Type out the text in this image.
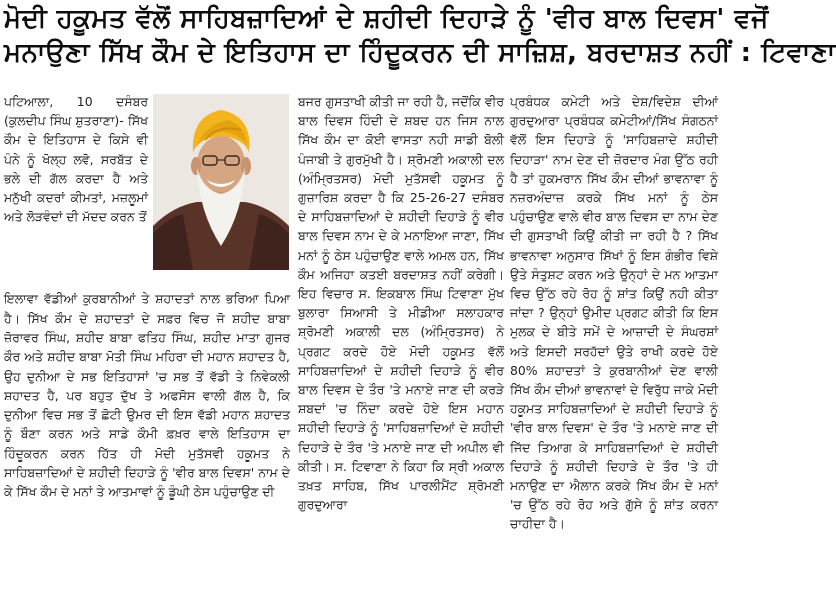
ਮੋਦੀ ਹਕੂਮਤ ਵੱਲੋਂ ਸਾਹਿਬਜ਼ਾਦਿਆਂ ਦੇ ਸ਼ਹੀਦੀ ਦਿਹਾੜੇ ਨੂੰ 'ਵੀਰ ਬਾਲ ਦਿਵਸ' ਵਜੋਂ
ਮਨਾਉਣਾ ਸਿੱਖ ਕੌਮ ਦੇ ਇਤਿਹਾਸ ਦਾ ਹਿੰਦੂਕਰਨ ਦੀ ਸਾਜ਼ਿਸ਼, ਬਰਦਾਸ਼ਤ ਨਹੀਂ : ਟਿਵਾਣਾ

ਪਟਿਆਲਾ, 10 ਦਸੰਬਰ (ਕੁਲਦੀਪ ਸਿੰਘ ਸ਼ੁਤਰਾਣਾ)- ਸਿੱਖ ਕੌਮ ਦੇ ਇਤਿਹਾਸ ਦੇ ਕਿਸੇ ਵੀ ਪੰਨੇ ਨੂੰ ਖੋਲ੍ਹ ਲਵੋ, ਸਰਬੱਤ ਦੇ ਭਲੇ ਦੀ ਗੱਲ ਕਰਦਾ ਹੈ ਅਤੇ ਮਨੁੱਖੀ ਕਦਰਾਂ ਕੀਮਤਾਂ, ਮਜ਼ਲੂਮਾਂ ਅਤੇ ਲੋੜਵੰਦਾਂ ਦੀ ਮੱਦਦ ਕਰਨ ਤੋਂ

ਇਲਾਵਾ ਵੱਡੀਆਂ ਕੁਰਬਾਨੀਆਂ ਤੇ ਸ਼ਹਾਦਤਾਂ ਨਾਲ ਭਰਿਆ ਪਿਆ ਹੈ। ਸਿੱਖ ਕੌਮ ਦੇ ਸ਼ਹਾਦਤਾਂ ਦੇ ਸਫ਼ਰ ਵਿਚ ਜੋ ਸ਼ਹੀਦ ਬਾਬਾ ਜ਼ੋਰਾਵਰ ਸਿੰਘ, ਸ਼ਹੀਦ ਬਾਬਾ ਫਤਿਹ ਸਿੰਘ, ਸ਼ਹੀਦ ਮਾਤਾ ਗੁਜਰ ਕੌਰ ਅਤੇ ਸ਼ਹੀਦ ਬਾਬਾ ਮੋਤੀ ਸਿੰਘ ਮਹਿਰਾ ਦੀ ਮਹਾਨ ਸ਼ਹਾਦਤ ਹੈ, ਉਹ ਦੁਨੀਆ ਦੇ ਸਭ ਇਤਿਹਾਸਾਂ 'ਚ ਸਭ ਤੋਂ ਵੱਡੀ ਤੇ ਨਿਵੇਕਲੀ ਸ਼ਹਾਦਤ ਹੈ, ਪਰ ਬਹੁਤ ਦੁੱਖ ਤੇ ਅਫਸੋਸ ਵਾਲੀ ਗੱਲ ਹੈ, ਕਿ ਦੁਨੀਆ ਵਿਚ ਸਭ ਤੋਂ ਛੋਟੀ ਉਮਰ ਦੀ ਇਸ ਵੱਡੀ ਮਹਾਨ ਸ਼ਹਾਦਤ ਨੂੰ ਬੌਣਾ ਕਰਨ ਅਤੇ ਸਾਡੇ ਕੌਮੀ ਫ਼ਖ਼ਰ ਵਾਲੇ ਇਤਿਹਾਸ ਦਾ ਹਿੰਦੂਕਰਨ ਕਰਨ ਹਿੱਤ ਹੀ ਮੋਦੀ ਮੁਤੱਸਵੀ ਹਕੂਮਤ ਨੇ ਸਾਹਿਬਜ਼ਾਦਿਆਂ ਦੇ ਸ਼ਹੀਦੀ ਦਿਹਾੜੇ ਨੂੰ 'ਵੀਰ ਬਾਲ ਦਿਵਸ' ਨਾਮ ਦੇ ਕੇ ਸਿੱਖ ਕੌਮ ਦੇ ਮਨਾਂ ਤੇ ਆਤਮਾਵਾਂ ਨੂੰ ਡੂੰਘੀ ਠੇਸ ਪਹੁੰਚਾਉਣ ਦੀ

ਬਜਰ ਗੁਸਤਾਖੀ ਕੀਤੀ ਜਾ ਰਹੀ ਹੈ, ਜਦੋਂਕਿ ਵੀਰ ਬਾਲ ਦਿਵਸ ਹਿੰਦੀ ਦੇ ਸ਼ਬਦ ਹਨ ਜਿਸ ਨਾਲ ਸਿੱਖ ਕੌਮ ਦਾ ਕੋਈ ਵਾਸਤਾ ਨਹੀ ਸਾਡੀ ਬੋਲੀ ਪੰਜਾਬੀ ਤੇ ਗੁਰਮੁੱਖੀ ਹੈ। ਸ਼੍ਰੋਮਣੀ ਅਕਾਲੀ ਦਲ (ਅੰਮ੍ਰਿਤਸਰ) ਮੋਦੀ ਮੁਤੱਸਵੀ ਹਕੂਮਤ ਨੂੰ ਗੁਜ਼ਾਰਿਸ਼ ਕਰਦਾ ਹੈ ਕਿ 25-26-27 ਦਸੰਬਰ ਦੇ ਸਾਹਿਬਜ਼ਾਦਿਆਂ ਦੇ ਸ਼ਹੀਦੀ ਦਿਹਾੜੇ ਨੂੰ ਵੀਰ ਬਾਲ ਦਿਵਸ ਨਾਮ ਦੇ ਕੇ ਮਨਾਇਆ ਜਾਣਾ, ਸਿੱਖ ਮਨਾਂ ਨੂੰ ਠੇਸ ਪਹੁੰਚਾਉਣ ਵਾਲੇ ਅਮਲ ਹਨ, ਸਿੱਖ ਕੌਮ ਅਜਿਹਾ ਕਤਈ ਬਰਦਾਸ਼ਤ ਨਹੀਂ ਕਰੇਗੀ। ਇਹ ਵਿਚਾਰ ਸ. ਇਕਬਾਲ ਸਿੰਘ ਟਿਵਾਣਾ ਮੁੱਖ ਬੁਲਾਰਾ ਸਿਆਸੀ ਤੇ ਮੀਡੀਆ ਸਲਾਹਕਾਰ ਸ਼੍ਰੋਮਣੀ ਅਕਾਲੀ ਦਲ (ਅੰਮ੍ਰਿਤਸਰ) ਨੇ ਪ੍ਰਗਟ ਕਰਦੇ ਹੋਏ ਮੋਦੀ ਹਕੂਮਤ ਵੱਲੋਂ ਸਾਹਿਬਜ਼ਾਦਿਆਂ ਦੇ ਸ਼ਹੀਦੀ ਦਿਹਾੜੇ ਨੂੰ ਵੀਰ ਬਾਲ ਦਿਵਸ ਦੇ ਤੌਰ 'ਤੇ ਮਨਾਏ ਜਾਣ ਦੀ ਕਰੜੇ ਸ਼ਬਦਾਂ 'ਚ ਨਿੰਦਾ ਕਰਦੇ ਹੋਏ ਇਸ ਮਹਾਨ ਸ਼ਹੀਦੀ ਦਿਹਾੜੇ ਨੂੰ 'ਸਾਹਿਬਜ਼ਾਦਿਆਂ ਦੇ ਸ਼ਹੀਦੀ ਦਿਹਾੜੇ ਦੇ ਤੌਰ 'ਤੇ ਮਨਾਏ ਜਾਣ ਦੀ ਅਪੀਲ ਵੀ ਕੀਤੀ। ਸ. ਟਿਵਾਣਾ ਨੇ ਕਿਹਾ ਕਿ ਸ੍ਰੀ ਅਕਾਲ ਤਖ਼ਤ ਸਾਹਿਬ, ਸਿੱਖ ਪਾਰਲੀਮੈਂਟ ਸ਼੍ਰੋਮਣੀ ਗੁਰਦੁਆਰਾ

ਪ੍ਰਬੰਧਕ ਕਮੇਟੀ ਅਤੇ ਦੇਸ਼/ਵਿਦੇਸ਼ ਦੀਆਂ ਗੁਰਦੁਆਰਾ ਪ੍ਰਬੰਧਕ ਕਮੇਟੀਆਂ/ਸਿੱਖ ਸੰਗਠਨਾਂ ਵੱਲੋਂ ਇਸ ਦਿਹਾੜੇ ਨੂੰ 'ਸਾਹਿਬਜ਼ਾਦੇ ਸ਼ਹੀਦੀ ਦਿਹਾੜਾ' ਨਾਮ ਦੇਣ ਦੀ ਜ਼ੋਰਦਾਰ ਮੰਗ ਉੱਠ ਰਹੀ ਹੈ ਤਾਂ ਹੁਕਮਰਾਨ ਸਿੱਖ ਕੌਮ ਦੀਆਂ ਭਾਵਨਾਵਾ ਨੂੰ ਨਜ਼ਰਅੰਦਾਜ਼ ਕਰਕੇ ਸਿੱਖ ਮਨਾਂ ਨੂੰ ਠੇਸ ਪਹੁੰਚਾਉਣ ਵਾਲੇ ਵੀਰ ਬਾਲ ਦਿਵਸ ਦਾ ਨਾਮ ਦੇਣ ਦੀ ਗੁਸਤਾਖੀ ਕਿਉਂ ਕੀਤੀ ਜਾ ਰਹੀ ਹੈ ? ਸਿੱਖ ਭਾਵਨਾਵਾ ਅਨੁਸਾਰ ਸਿੱਖਾਂ ਨੂੰ ਇਸ ਗੰਭੀਰ ਵਿਸ਼ੇ ਉਤੇ ਸੰਤੁਸ਼ਟ ਕਰਨ ਅਤੇ ਉਨ੍ਹਾਂ ਦੇ ਮਨ ਆਤਮਾ ਵਿਚ ਉੱਠ ਰਹੇ ਰੋਹ ਨੂੰ ਸ਼ਾਂਤ ਕਿਉਂ ਨਹੀ ਕੀਤਾ ਜਾਂਦਾ ? ਉਨ੍ਹਾਂ ਉਮੀਦ ਪ੍ਰਗਟ ਕੀਤੀ ਕਿ ਇਸ ਮੁਲਕ ਦੇ ਬੀਤੇ ਸਮੇਂ ਦੇ ਆਜ਼ਾਦੀ ਦੇ ਸੰਘਰਸ਼ਾਂ ਅਤੇ ਇਸਦੀ ਸਰਹੱਦਾਂ ਉਤੇ ਰਾਖੀ ਕਰਦੇ ਹੋਏ 80% ਸ਼ਹਾਦਤਾਂ ਤੇ ਕੁਰਬਾਨੀਆਂ ਦੇਣ ਵਾਲੀ ਸਿੱਖ ਕੌਮ ਦੀਆਂ ਭਾਵਨਾਵਾਂ ਦੇ ਵਿਰੁੱਧ ਜਾਕੇ ਮੋਦੀ ਹਕੂਮਤ ਸਾਹਿਬਜ਼ਾਦਿਆਂ ਦੇ ਸ਼ਹੀਦੀ ਦਿਹਾੜੇ ਨੂੰ 'ਵੀਰ ਬਾਲ ਦਿਵਸ' ਦੇ ਤੌਰ 'ਤੇ ਮਨਾਏ ਜਾਣ ਦੀ ਜਿੱਦ ਤਿਆਗ ਕੇ ਸਾਹਿਬਜ਼ਾਦਿਆਂ ਦੇ ਸ਼ਹੀਦੀ ਦਿਹਾੜੇ ਨੂੰ ਸ਼ਹੀਦੀ ਦਿਹਾੜੇ ਦੇ ਤੌਰ 'ਤੇ ਹੀ ਮਨਾਉਣ ਦਾ ਐਲਾਨ ਕਰਕੇ ਸਿੱਖ ਕੌਮ ਦੇ ਮਨਾਂ 'ਚ ਉੱਠ ਰਹੇ ਰੋਹ ਅਤੇ ਗੁੱਸੇ ਨੂੰ ਸ਼ਾਂਤ ਕਰਨਾ ਚਾਹੀਦਾ ਹੈ।
